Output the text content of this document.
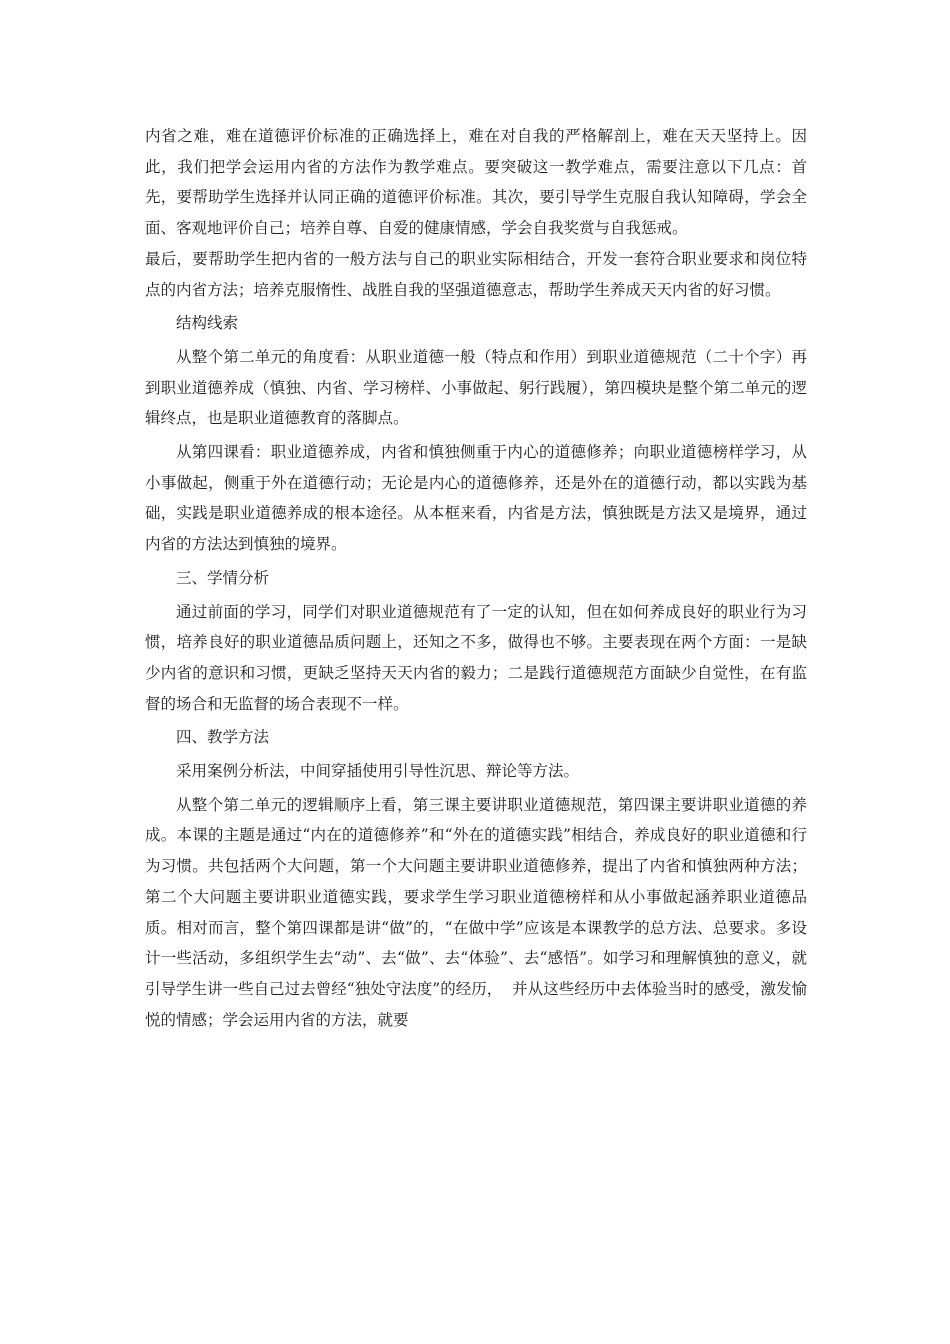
内省之难，难在道德评价标准的正确选择上，难在对自我的严格解剖上，难在天天坚持上。因此，我们把学会运用内省的方法作为教学难点。要突破这一教学难点，需要注意以下几点：首先，要帮助学生选择并认同正确的道德评价标准。其次，要引导学生克服自我认知障碍，学会全面、客观地评价自己；培养自尊、自爱的健康情感，学会自我奖赏与自我惩戒。

最后，要帮助学生把内省的一般方法与自己的职业实际相结合，开发一套符合职业要求和岗位特点的内省方法；培养克服惰性、战胜自我的坚强道德意志，帮助学生养成天天内省的好习惯。

结构线索

从整个第二单元的角度看：从职业道德一般（特点和作用）到职业道德规范（二十个字）再到职业道德养成（慎独、内省、学习榜样、小事做起、躬行践履），第四模块是整个第二单元的逻辑终点，也是职业道德教育的落脚点。

从第四课看：职业道德养成，内省和慎独侧重于内心的道德修养；向职业道德榜样学习，从小事做起，侧重于外在道德行动；无论是内心的道德修养，还是外在的道德行动，都以实践为基础，实践是职业道德养成的根本途径。从本框来看，内省是方法，慎独既是方法又是境界，通过内省的方法达到慎独的境界。

三、学情分析

通过前面的学习，同学们对职业道德规范有了一定的认知，但在如何养成良好的职业行为习惯，培养良好的职业道德品质问题上，还知之不多，做得也不够。主要表现在两个方面：一是缺少内省的意识和习惯，更缺乏坚持天天内省的毅力；二是践行道德规范方面缺少自觉性，在有监督的场合和无监督的场合表现不一样。

四、教学方法

采用案例分析法，中间穿插使用引导性沉思、辩论等方法。

从整个第二单元的逻辑顺序上看，第三课主要讲职业道德规范，第四课主要讲职业道德的养成。本课的主题是通过“内在的道德修养”和“外在的道德实践”相结合，养成良好的职业道德和行为习惯。共包括两个大问题，第一个大问题主要讲职业道德修养，提出了内省和慎独两种方法；第二个大问题主要讲职业道德实践，要求学生学习职业道德榜样和从小事做起涵养职业道德品质。相对而言，整个第四课都是讲“做”的，“在做中学”应该是本课教学的总方法、总要求。多设计一些活动，多组织学生去“动”、去“做”、去“体验”、去“感悟”。如学习和理解慎独的意义，就引导学生讲一些自己过去曾经“独处守法度”的经历，  并从这些经历中去体验当时的感受，激发愉悦的情感；学会运用内省的方法，就要
